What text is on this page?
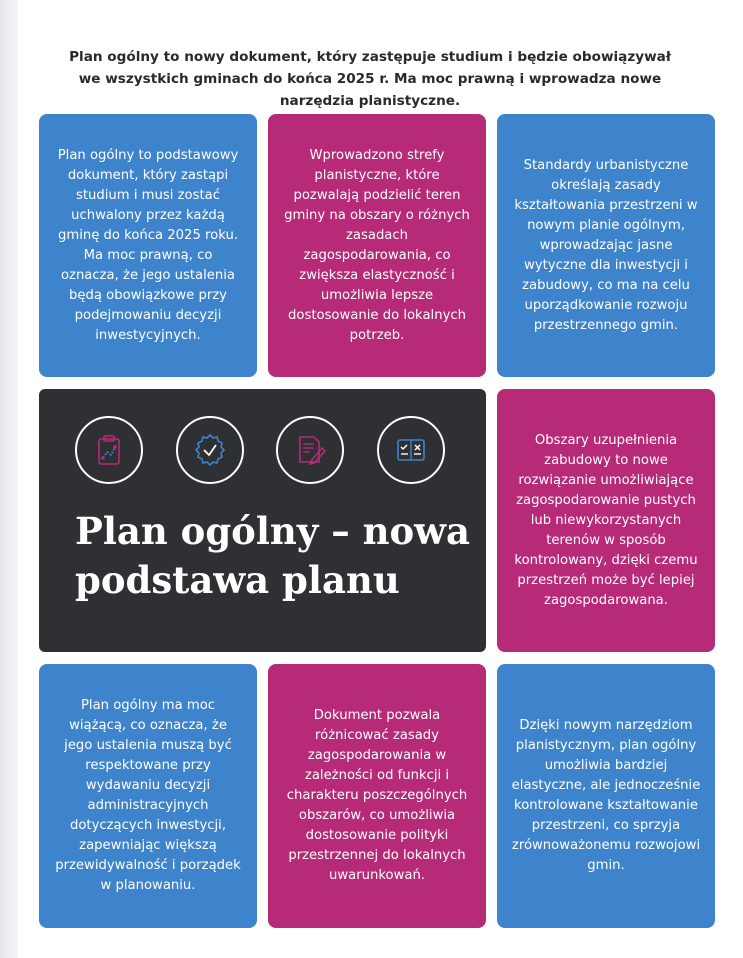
Plan ogólny to nowy dokument, który zastępuje studium i będzie obowiązywał we wszystkich gminach do końca 2025 r. Ma moc prawną i wprowadza nowe narzędzia planistyczne.

Plan ogólny to podstawowy dokument, który zastąpi studium i musi zostać uchwalony przez każdą gminę do końca 2025 roku. Ma moc prawną, co oznacza, że jego ustalenia będą obowiązkowe przy podejmowaniu decyzji inwestycyjnych.
Wprowadzono strefy planistyczne, które pozwalają podzielić teren gminy na obszary o różnych zasadach zagospodarowania, co zwiększa elastyczność i umożliwia lepsze dostosowanie do lokalnych potrzeb.
Standardy urbanistyczne określają zasady kształtowania przestrzeni w nowym planie ogólnym, wprowadzając jasne wytyczne dla inwestycji i zabudowy, co ma na celu uporządkowanie rozwoju przestrzennego gmin.
Plan ogólny – nowa podstawa planu
Obszary uzupełnienia zabudowy to nowe rozwiązanie umożliwiające zagospodarowanie pustych lub niewykorzystanych terenów w sposób kontrolowany, dzięki czemu przestrzeń może być lepiej zagospodarowana.
Plan ogólny ma moc wiążącą, co oznacza, że jego ustalenia muszą być respektowane przy wydawaniu decyzji administracyjnych dotyczących inwestycji, zapewniając większą przewidywalność i porządek w planowaniu.
Dokument pozwala różnicować zasady zagospodarowania w zależności od funkcji i charakteru poszczególnych obszarów, co umożliwia dostosowanie polityki przestrzennej do lokalnych uwarunkowań.
Dzięki nowym narzędziom planistycznym, plan ogólny umożliwia bardziej elastyczne, ale jednocześnie kontrolowane kształtowanie przestrzeni, co sprzyja zrównoważonemu rozwojowi gmin.
